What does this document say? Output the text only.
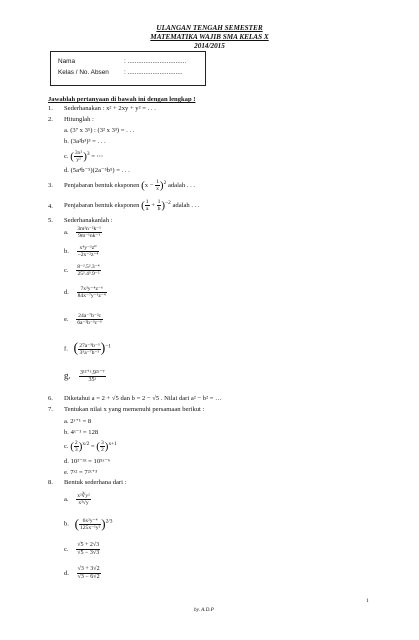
ULANGAN TENGAH SEMESTER
MATEMATIKA WAJIB SMA KELAS X
2014/2015
Nama	: .................................
Kelas / No. Absen : ...............................
Jawablah pertanyaan di bawah ini dengan lengkap !
1. Sederhanakan : x² + 2xy + y² = . . .
2. Hitunglah :
a. (3⁷ x 3⁵) : (3² x 3³) = . . .
b. (3a²b³)³ = . . .
c. ( $\frac{\text{3x²}}{\text{y²}} )^3$ = ⋯
d. (5a⁴b⁻⁵)(2a⁻⁵b⁵) = . . .
3. Penjabaran bentuk eksponen $(x - \frac{1}{x} )^2$ adalah . . .
4. Penjabaran bentuk eksponen ( $\frac{1}{a} + \frac{1}{b} )^{-2}$ adalah . . .
5. Sederhanakanlah :
a. $\frac{\text{3m²n⁻²k⁻¹}}{\text{9m⁻¹nk⁻¹}}$
b. $\frac{\text{x⁴y⁻²z⁰}}{\text{−2x⁻²z⁻⁴}}$
c. $\frac{\text{8⁻².5².3⁻⁴}}{\text{25².4³.9⁻²}}$
d. $\frac{\text{7x³y⁻⁴z⁻⁶}}{\text{84x⁻⁷y⁻¹z⁻⁴}}$
e. $\frac{\text{24a⁻⁷b⁻²c}}{\text{6a⁻²b⁻³c⁻⁶}}$
f. ( $\frac{\text{27a⁻⁵b⁻³}}{\text{3⁵a⁻⁷b⁻⁵}} )^{-1}$
g. $\frac{\text{3¹²⁺ᵃ.9²ᵃ⁻⁷}}{\text{35ᵃ}}$
6. Diketahui a = 2 + √5 dan b = 2 − √5 . Nilai dari a² − b² = …
7. Tentukan nilai x yang memenuhi persamaan berikut :
a. 2ˣ⁺¹ = 8
b. 4ˣ⁻¹ = 128
c. ( $\frac{2}{3} )^{x/2}$ = ( $\frac{3}{2} )^{x+1}$
d. 10²⁻³ˣ = 10⁵ˣ⁻⁶
e. 7ˣ² = 7²ˣ⁺³
8. Bentuk sederhana dari :
a. $\frac{\text{x²∛y²}}{\text{x³√y}}$
b. ( $\frac{\text{6x²y⁻⁴}}{\text{125x⁻¹y²}} )^{2/3}$
c. $\frac{√5 + 2√3}{√5 - 3√3}$
d. $\frac{√3 + 3√2}{√3 - 6√2}$
1
by. A.D.P
